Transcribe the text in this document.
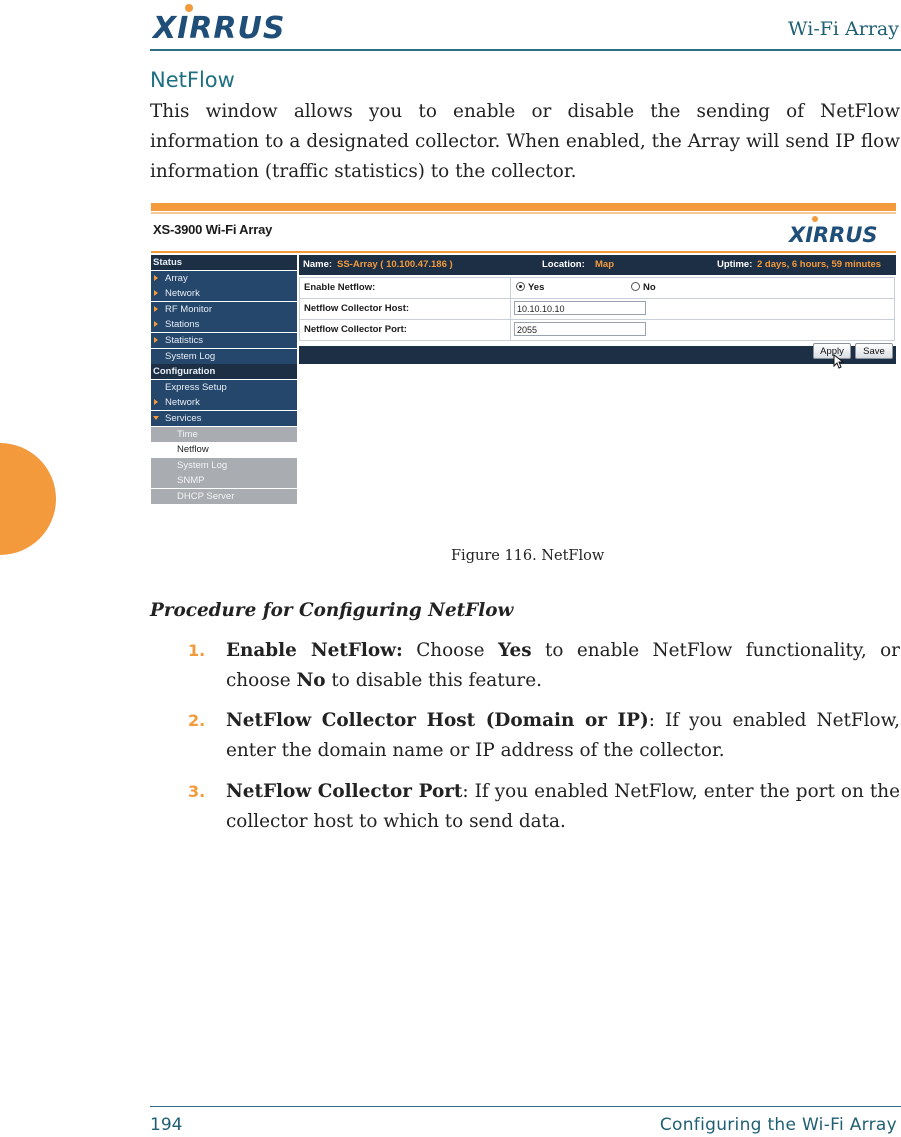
XIRRUS	Wi-Fi Array
NetFlow
This window allows you to enable or disable the sending of NetFlow information to a designated collector. When enabled, the Array will send IP flow information (traffic statistics) to the collector.
XS-3900 Wi-Fi Array	XIRRUS
Status
Array
Network
RF Monitor
Stations
Statistics
System Log
Configuration
Express Setup
Network
Services
Time
Netflow
System Log
SNMP
DHCP Server
Name: SS-Array ( 10.100.47.186 )	Location: Map	Uptime: 2 days, 6 hours, 59 minutes
Enable Netflow:	Yes	No
Netflow Collector Host:	10.10.10.10
Netflow Collector Port:	2055
Apply	Save
Figure 116. NetFlow
Procedure for Configuring NetFlow
1. Enable NetFlow: Choose Yes to enable NetFlow functionality, or choose No to disable this feature.
2. NetFlow Collector Host (Domain or IP): If you enabled NetFlow, enter the domain name or IP address of the collector.
3. NetFlow Collector Port: If you enabled NetFlow, enter the port on the collector host to which to send data.
194	Configuring the Wi-Fi Array
